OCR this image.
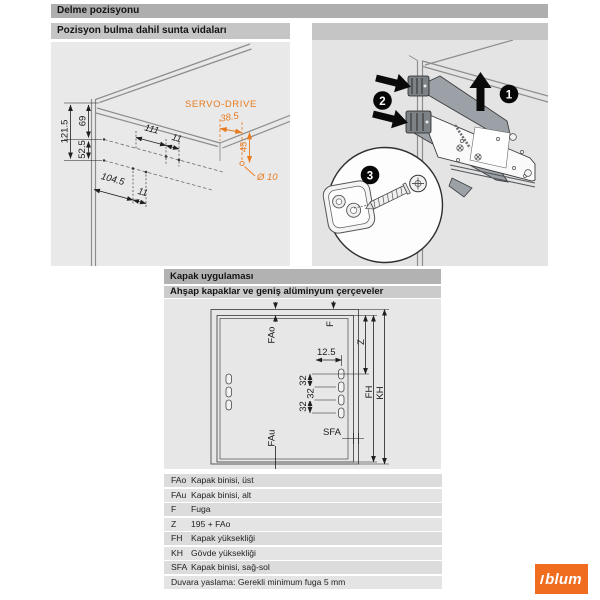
Delme pozisyonu
Pozisyon bulma dahil sunta vidaları
121.5 69
52.5
111
11
104.5
11
SERVO-DRIVE
38.5
45
Ø 10
1
2
3
Kapak uygulaması
Ahşap kapaklar ve geniş alüminyum çerçeveler
FAo
FAu
F
12.5
32
32
32
Z
FH KH
SFA
FAo Kapak binisi, üst
FAu Kapak binisi, alt
F Fuga
Z 195 + FAo
FH Kapak yüksekliği
KH Gövde yüksekliği
SFA Kapak binisi, sağ-sol
Duvara yaslama: Gerekli minimum fuga 5 mm	blum
